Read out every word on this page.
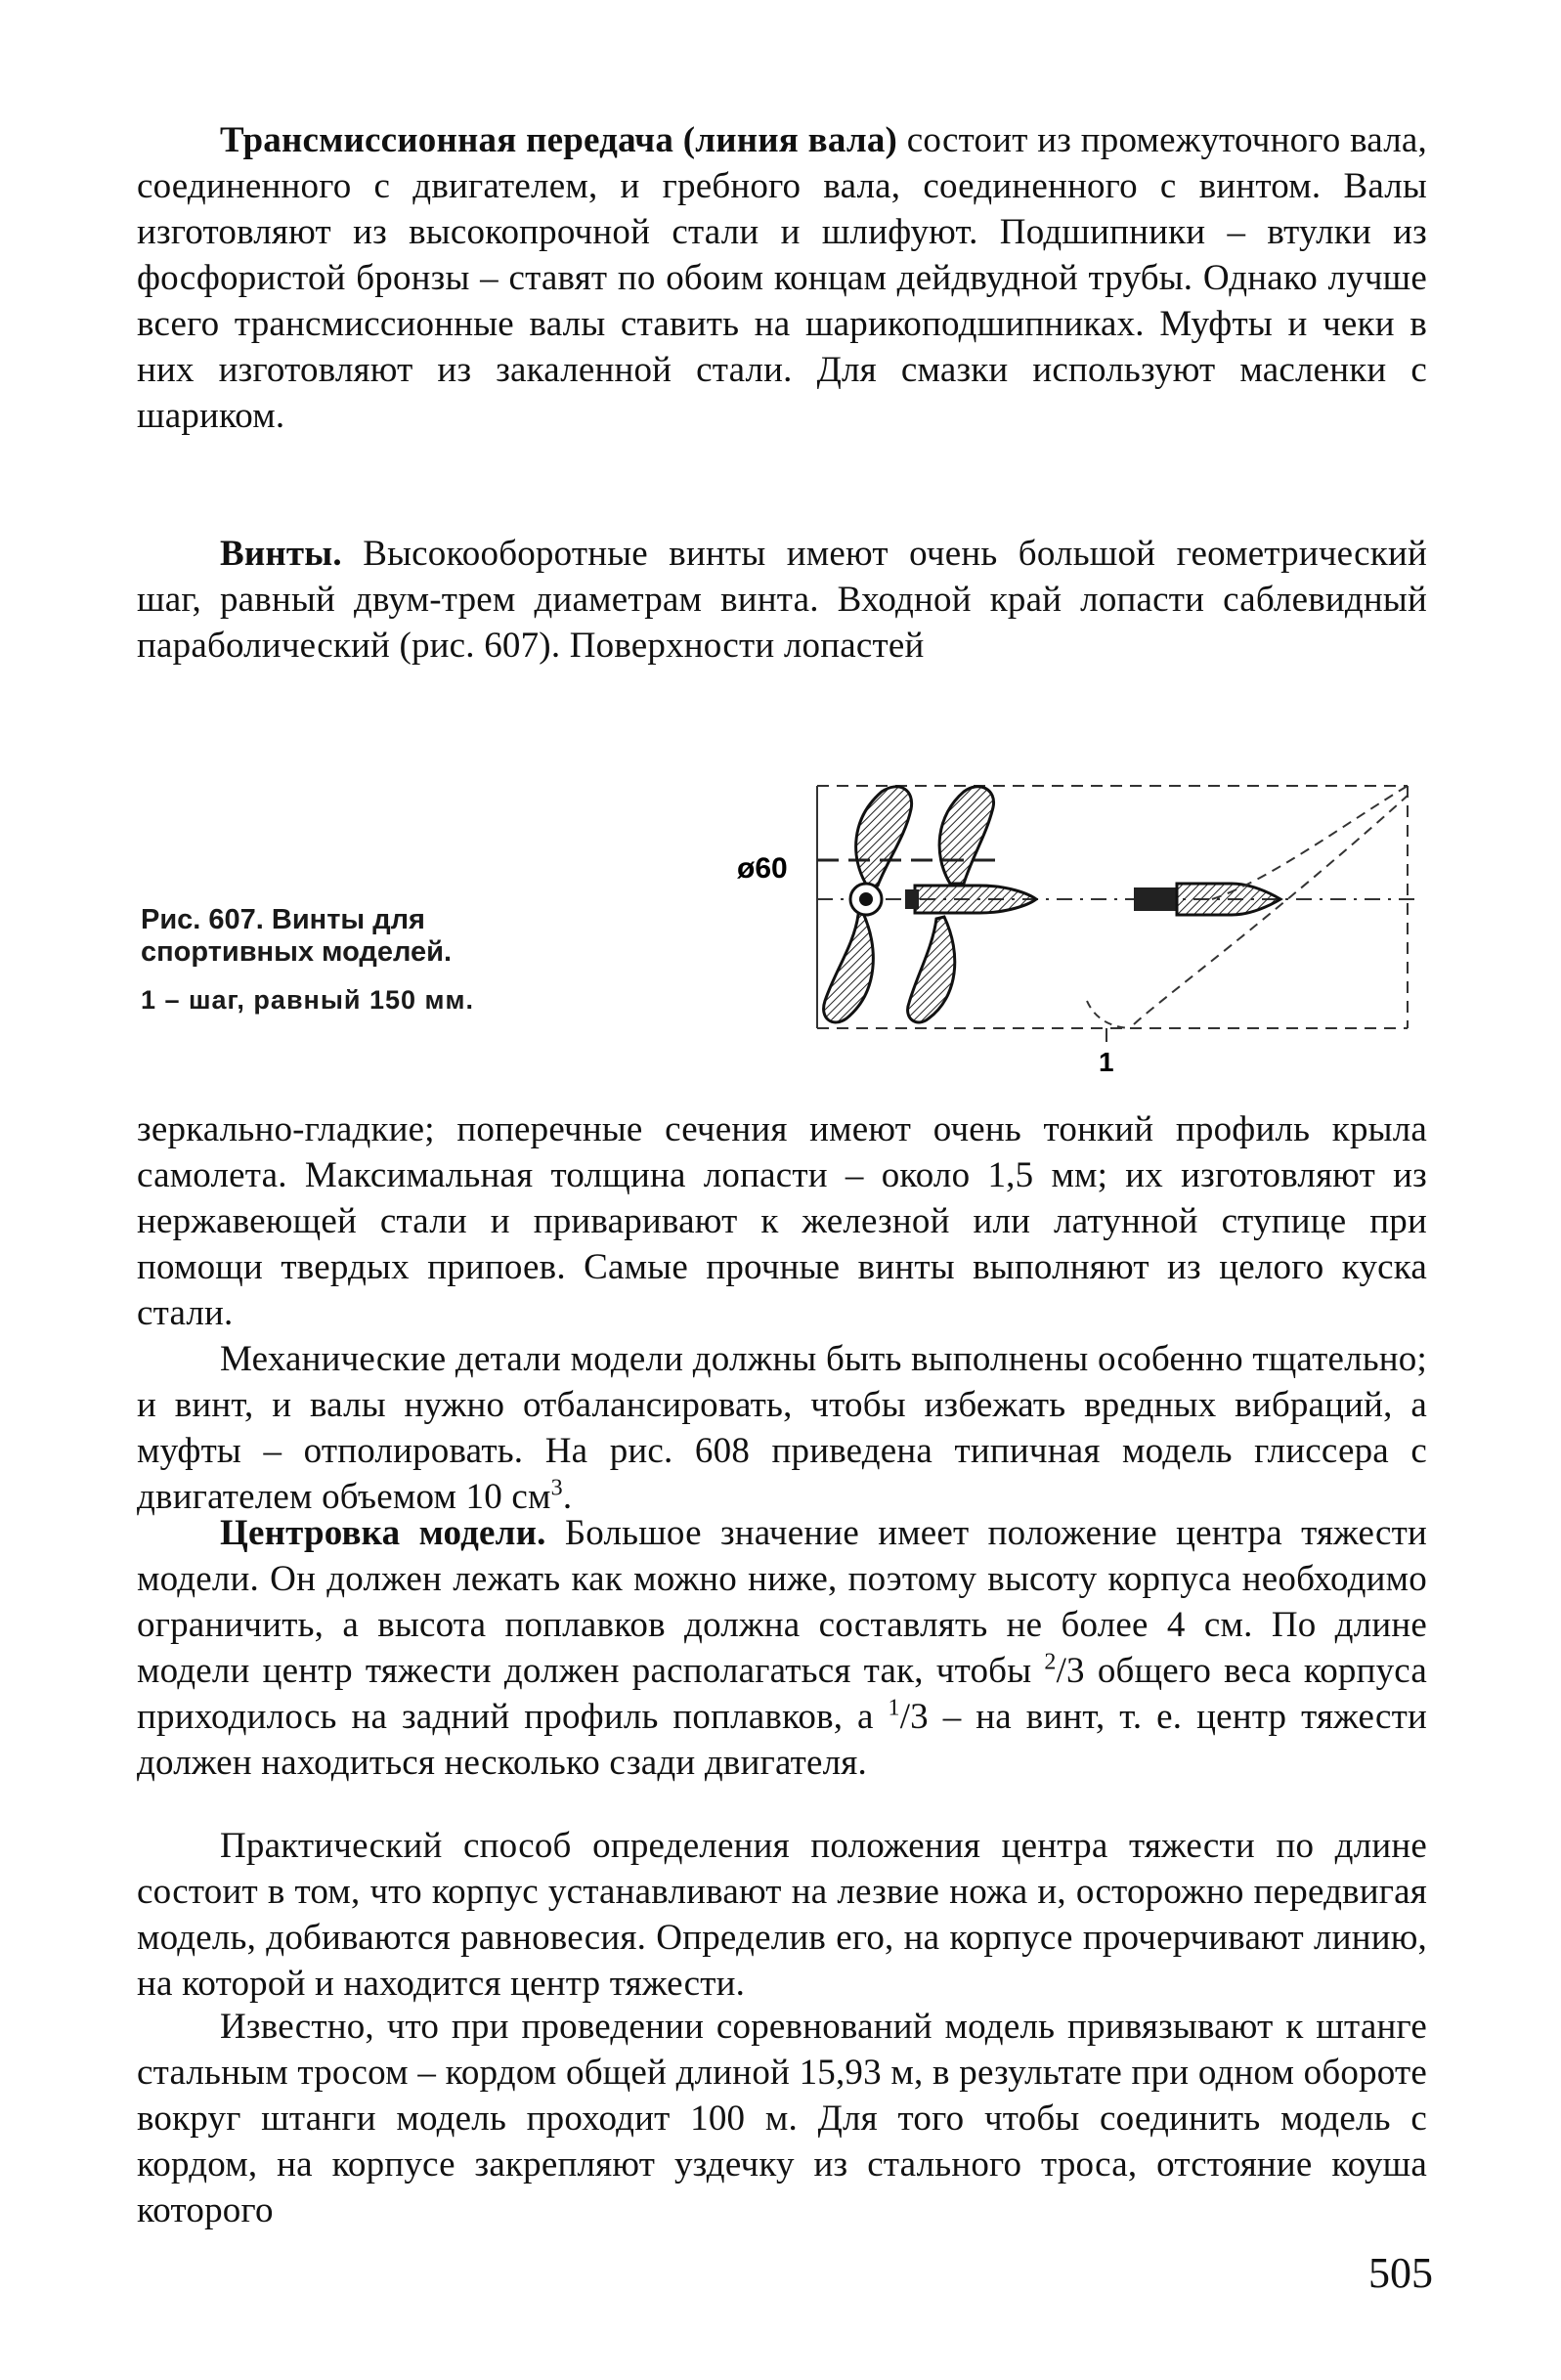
Трансмиссионная передача (линия вала) состоит из промежуточного вала, соединенного с двигателем, и гребного вала, соединенного с винтом. Валы изготовляют из высокопрочной стали и шлифуют. Подшипники – втулки из фосфористой бронзы – ставят по обоим концам дейдвудной трубы. Однако лучше всего трансмиссионные валы ставить на шарикоподшипниках. Муфты и чеки в них изготовляют из закаленной стали. Для смазки используют масленки с шариком.

Винты. Высокооборотные винты имеют очень большой геометрический шаг, равный двум-трем диаметрам винта. Входной край лопасти саблевидный параболический (рис. 607). Поверхности лопастей

Рис. 607. Винты для спортивных моделей.

1 – шаг, равный 150 мм.

ø60
1

зеркально-гладкие; поперечные сечения имеют очень тонкий профиль крыла самолета. Максимальная толщина лопасти – около 1,5 мм; их изготовляют из нержавеющей стали и приваривают к железной или латунной ступице при помощи твердых припоев. Самые прочные винты выполняют из целого куска стали.

Механические детали модели должны быть выполнены особенно тщательно; и винт, и валы нужно отбалансировать, чтобы избежать вредных вибраций, а муфты – отполировать. На рис. 608 приведена типичная модель глиссера с двигателем объемом 10 $см^3$.

Центровка модели. Большое значение имеет положение центра тяжести модели. Он должен лежать как можно ниже, поэтому высоту корпуса необходимо ограничить, а высота поплавков должна составлять не более 4 см. По длине модели центр тяжести должен располагаться так, чтобы $^2$/3 общего веса корпуса приходилось на задний профиль поплавков, а $^1$/3 – на винт, т. е. центр тяжести должен находиться несколько сзади двигателя.

Практический способ определения положения центра тяжести по длине состоит в том, что корпус устанавливают на лезвие ножа и, осторожно передвигая модель, добиваются равновесия. Определив его, на корпусе прочерчивают линию, на которой и находится центр тяжести.

Известно, что при проведении соревнований модель привязывают к штанге стальным тросом – кордом общей длиной 15,93 м, в результате при одном обороте вокруг штанги модель проходит 100 м. Для того чтобы соединить модель с кордом, на корпусе закрепляют уздечку из стального троса, отстояние коуша которого

505
